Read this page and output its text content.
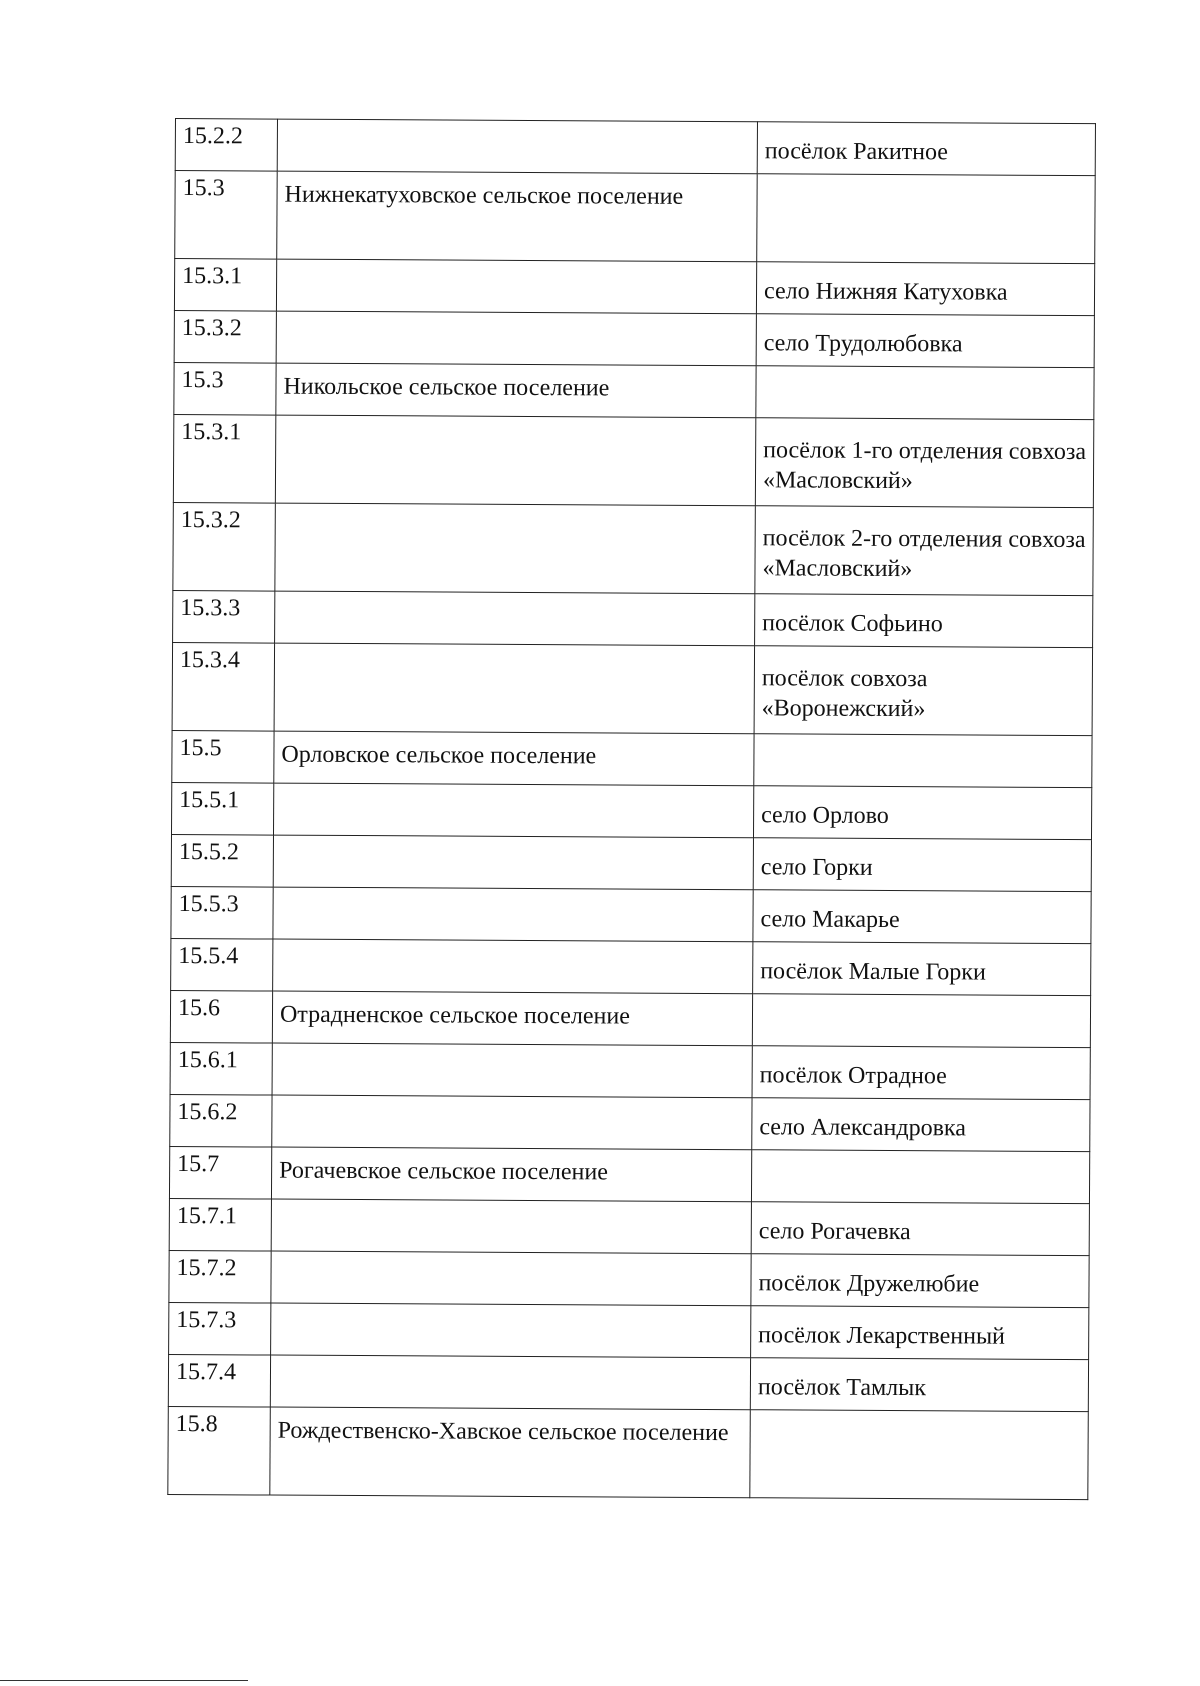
15.2.2		посёлок Ракитное
15.3	Нижнекатуховское сельское поселение	
15.3.1		село Нижняя Катуховка
15.3.2		село Трудолюбовка
15.3	Никольское сельское поселение	
15.3.1		посёлок 1-го отделения совхоза «Масловский»
15.3.2		посёлок 2-го отделения совхоза «Масловский»
15.3.3		посёлок Софьино
15.3.4		посёлок совхоза «Воронежский»
15.5	Орловское сельское поселение	
15.5.1		село Орлово
15.5.2		село Горки
15.5.3		село Макарье
15.5.4		посёлок Малые Горки
15.6	Отрадненское сельское поселение	
15.6.1		посёлок Отрадное
15.6.2		село Александровка
15.7	Рогачевское сельское поселение	
15.7.1		село Рогачевка
15.7.2		посёлок Дружелюбие
15.7.3		посёлок Лекарственный
15.7.4		посёлок Тамлык
15.8	Рождественско-Хавское сельское поселение	
